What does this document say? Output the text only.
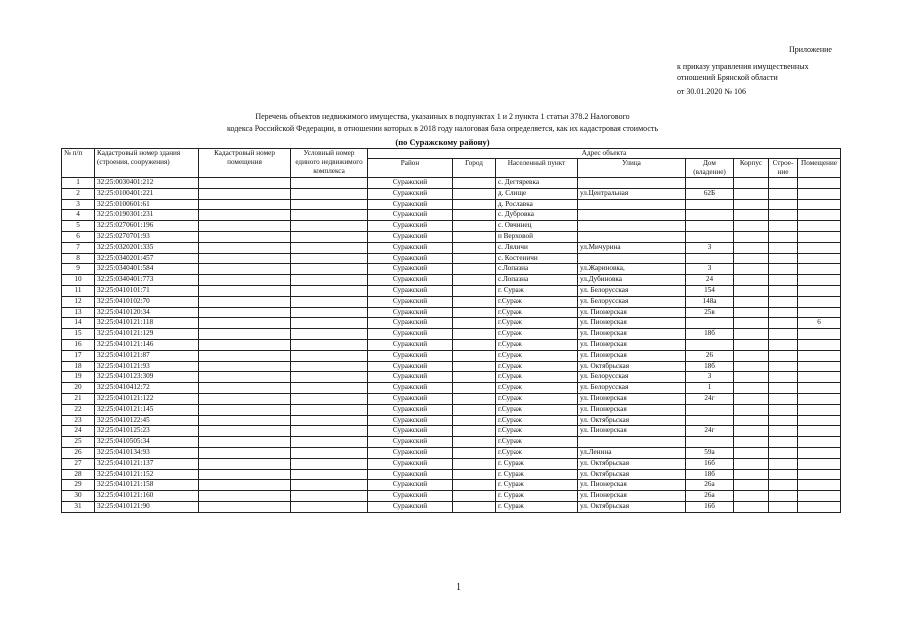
Приложение
к приказу управления имущественных
отношений Брянской области
от 30.01.2020 № 106
Перечень объектов недвижимого имущества, указанных в подпунктах 1 и 2 пункта 1 статьи 378.2 Налогового
кодекса Российской Федерации, в отношении которых в 2018 году налоговая база определяется, как их кадастровая стоимость
(по Суражскому району)
№ п/п	Кадастровый номер здания (строения, сооружения)	Кадастровый номер помещения	Условный номер единого недвижимого комплекса	Адрес объекта							
				Район	Город	Населенный пункт	Улица	Дом (владение)	Корпус	Строе-ние	Помещение
1	32:25:0030401:212			Суражский		с. Дегтяревка					
2	32:25:0100401:221			Суражский		д. Слище	ул.Центральная	62Б			
3	32:25:0100601:61			Суражский		д. Рославка					
4	32:25:0190301:231			Суражский		с. Дубровка					
5	32:25:0270601:196			Суражский		с. Овчинец					
6	32:25:0270701:93			Суражский		п Верховой					
7	32:25:0320201:335			Суражский		с. Ляличи	ул.Мичурина	3			
8	32:25:0340201:457			Суражский		с. Костеничи					
9	32:25:0340401:584			Суражский		с.Лопазна	ул.Жариновка,	3			
10	32:25:0340401:773			Суражский		с.Лопазна	ул.Дубиновка	24			
11	32:25:0410101:71			Суражский		г. Сураж	ул. Белорусская	154			
12	32:25:0410102:70			Суражский		г.Сураж	ул. Белорусская	148а			
13	32:25:0410120:34			Суражский		г.Сураж	ул. Пионерская	25в			
14	32:25:0410121:118			Суражский		г.Сураж	ул. Пионерская				6
15	32:25:0410121:129			Суражский		г.Сураж	ул. Пионерская	18б			
16	32:25:0410121:146			Суражский		г.Сураж	ул. Пионерская				
17	32:25:0410121:87			Суражский		г.Сураж	ул. Пионерская	26			
18	32:25:0410121:93			Суражский		г.Сураж	ул. Октябрьская	18б			
19	32:25:0410123:309			Суражский		г.Сураж	ул. Белорусская	3			
20	32:25:0410412:72			Суражский		г.Сураж	ул. Белорусская	1			
21	32:25:0410121:122			Суражский		г.Сураж	ул. Пионерская	24г			
22	32:25:0410121:145			Суражский		г.Сураж	ул. Пионерская				
23	32:25:0410122:45			Суражский		г.Сураж	ул. Октябрьская				
24	32:25:0410125:23			Суражский		г.Сураж	ул. Пионерская	24г			
25	32:25:0410505:34			Суражский		г.Сураж					
26	32:25:0410134:93			Суражский		г.Сураж	ул.Ленина	59а			
27	32:25:0410121:137			Суражский		г. Сураж	ул. Октябрьская	16б			
28	32:25:0410121:152			Суражский		г. Сураж	ул. Октябрьская	18б			
29	32:25:0410121:158			Суражский		г. Сураж	ул. Пионерская	26а			
30	32:25:0410121:160			Суражский		г. Сураж	ул. Пионерская	26а			
31	32:25:0410121:90			Суражский		г. Сураж	ул. Октябрьская	16б			
1
